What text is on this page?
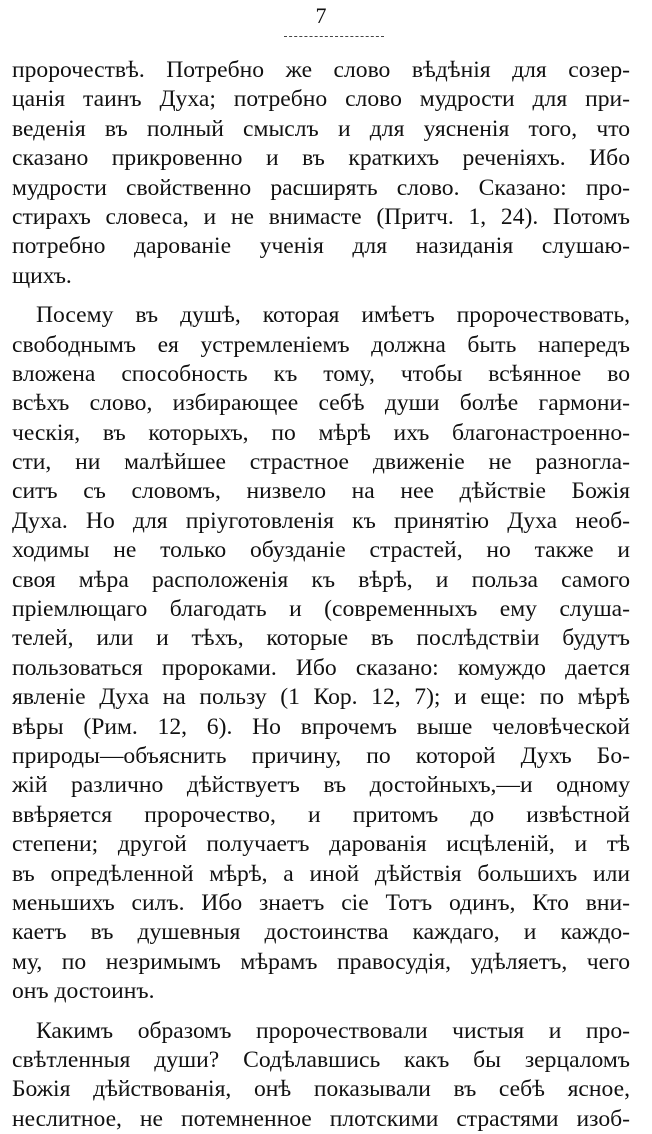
7
пророчествѣ. Потребно же слово вѣдѣнія для созер-
цанія таинъ Духа; потребно слово мудрости для при-
веденія въ полный смыслъ и для уясненія того, что
сказано прикровенно и въ краткихъ реченіяхъ. Ибо
мудрости свойственно расширять слово. Сказано: про-
стирахъ словеса, и не внимасте (Притч. 1, 24). Потомъ
потребно дарованіе ученія для назиданія слушаю-
щихъ.
Посему въ душѣ, которая имѣетъ пророчествовать,
свободнымъ ея устремленіемъ должна быть напередъ
вложена способность къ тому, чтобы всѣянное во
всѣхъ слово, избирающее себѣ души болѣе гармони-
ческія, въ которыхъ, по мѣрѣ ихъ благонастроенно-
сти, ни малѣйшее страстное движеніе не разногла-
ситъ съ словомъ, низвело на нее дѣйствіе Божія
Духа. Но для пріуготовленія къ принятію Духа необ-
ходимы не только обузданіе страстей, но также и
своя мѣра расположенія къ вѣрѣ, и польза самого
пріемлющаго благодать и (современныхъ ему слуша-
телей, или и тѣхъ, которые въ послѣдствіи будутъ
пользоваться пророками. Ибо сказано: комуждо дается
явленіе Духа на пользу (1 Кор. 12, 7); и еще: по мѣрѣ
вѣры (Рим. 12, 6). Но впрочемъ выше человѣческой
природы—объяснить причину, по которой Духъ Бо-
жій различно дѣйствуетъ въ достойныхъ,—и одному
ввѣряется пророчество, и притомъ до извѣстной
степени; другой получаетъ дарованія исцѣленій, и тѣ
въ опредѣленной мѣрѣ, а иной дѣйствія большихъ или
меньшихъ силъ. Ибо знаетъ сіе Тотъ одинъ, Кто вни-
каетъ въ душевныя достоинства каждаго, и каждо-
му, по незримымъ мѣрамъ правосудія, удѣляетъ, чего
онъ достоинъ.
Какимъ образомъ пророчествовали чистыя и про-
свѣтленныя души? Содѣлавшись какъ бы зерцаломъ
Божія дѣйствованія, онѣ показывали въ себѣ ясное,
неслитное, не потемненное плотскими страстями изоб-
